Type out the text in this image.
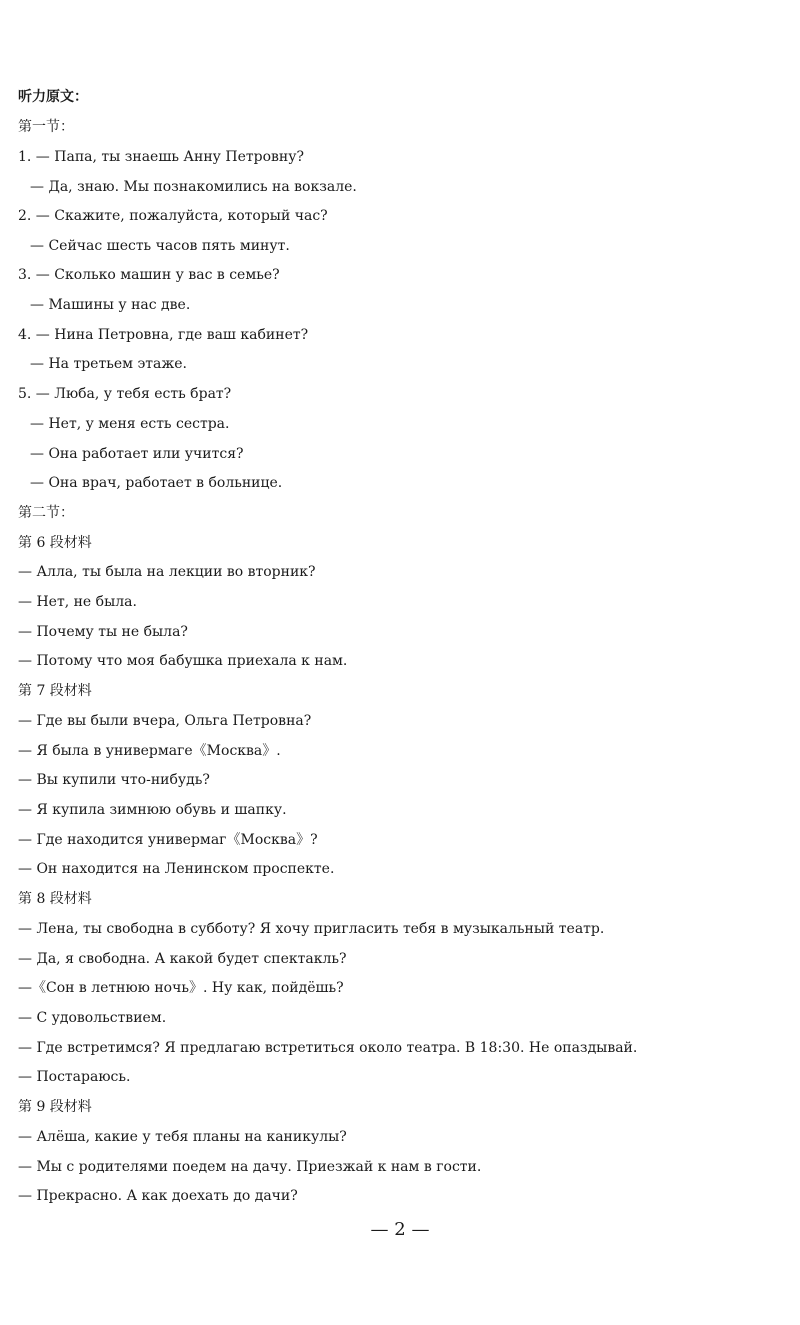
听力原文：
第一节：
1. — Папа, ты знаешь Анну Петровну?
— Да, знаю. Мы познакомились на вокзале.
2. — Скажите, пожалуйста, который час?
— Сейчас шесть часов пять минут.
3. — Сколько машин у вас в семье?
— Машины у нас две.
4. — Нина Петровна, где ваш кабинет?
— На третьем этаже.
5. — Люба, у тебя есть брат?
— Нет, у меня есть сестра.
— Она работает или учится?
— Она врач, работает в больнице.
第二节：
第 6 段材料
— Алла, ты была на лекции во вторник?
— Нет, не была.
— Почему ты не была?
— Потому что моя бабушка приехала к нам.
第 7 段材料
— Где вы были вчера, Ольга Петровна?
— Я была в универмаге《Москва》.
— Вы купили что-нибудь?
— Я купила зимнюю обувь и шапку.
— Где находится универмаг《Москва》?
— Он находится на Ленинском проспекте.
第 8 段材料
— Лена, ты свободна в субботу? Я хочу пригласить тебя в музыкальный театр.
— Да, я свободна. А какой будет спектакль?
—《Сон в летнюю ночь》. Ну как, пойдёшь?
— С удовольствием.
— Где встретимся? Я предлагаю встретиться около театра. В 18:30. Не опаздывай.
— Постараюсь.
第 9 段材料
— Алёша, какие у тебя планы на каникулы?
— Мы с родителями поедем на дачу. Приезжай к нам в гости.
— Прекрасно. А как доехать до дачи?
— 2 —
